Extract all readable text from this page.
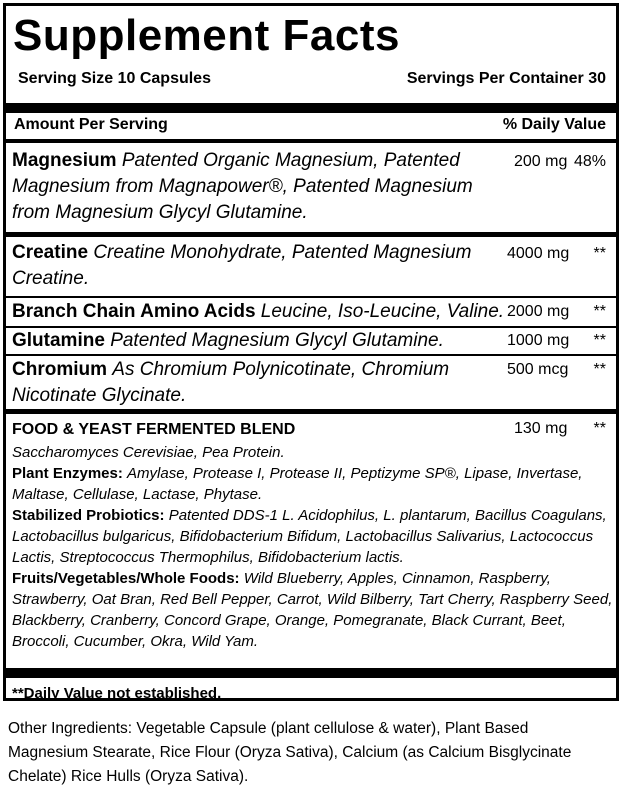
Supplement Facts
Serving Size 10 Capsules	Servings Per Container 30
Amount Per Serving	% Daily Value
Magnesium Patented Organic Magnesium, Patented Magnesium from Magnapower®, Patented Magnesium from Magnesium Glycyl Glutamine.
200 mg 48%
Creatine Creatine Monohydrate, Patented Magnesium Creatine.
4000 mg **
Branch Chain Amino Acids Leucine, Iso-Leucine, Valine. 2000 mg **
Glutamine Patented Magnesium Glycyl Glutamine.	1000 mg **
Chromium As Chromium Polynicotinate, Chromium Nicotinate Glycinate.
500 mcg **
FOOD & YEAST FERMENTED BLEND	130 mg **
Saccharomyces Cerevisiae, Pea Protein.
Plant Enzymes: Amylase, Protease I, Protease II, Peptizyme SP®, Lipase, Invertase, Maltase, Cellulase, Lactase, Phytase.
Stabilized Probiotics: Patented DDS-1 L. Acidophilus, L. plantarum, Bacillus Coagulans, Lactobacillus bulgaricus, Bifidobacterium Bifidum, Lactobacillus Salivarius, Lactococcus Lactis, Streptococcus Thermophilus, Bifidobacterium lactis.
Fruits/Vegetables/Whole Foods: Wild Blueberry, Apples, Cinnamon, Raspberry, Strawberry, Oat Bran, Red Bell Pepper, Carrot, Wild Bilberry, Tart Cherry, Raspberry Seed, Blackberry, Cranberry, Concord Grape, Orange, Pomegranate, Black Currant, Beet, Broccoli, Cucumber, Okra, Wild Yam.
**Daily Value not established.
Other Ingredients: Vegetable Capsule (plant cellulose & water), Plant Based Magnesium Stearate, Rice Flour (Oryza Sativa), Calcium (as Calcium Bisglycinate Chelate) Rice Hulls (Oryza Sativa).
